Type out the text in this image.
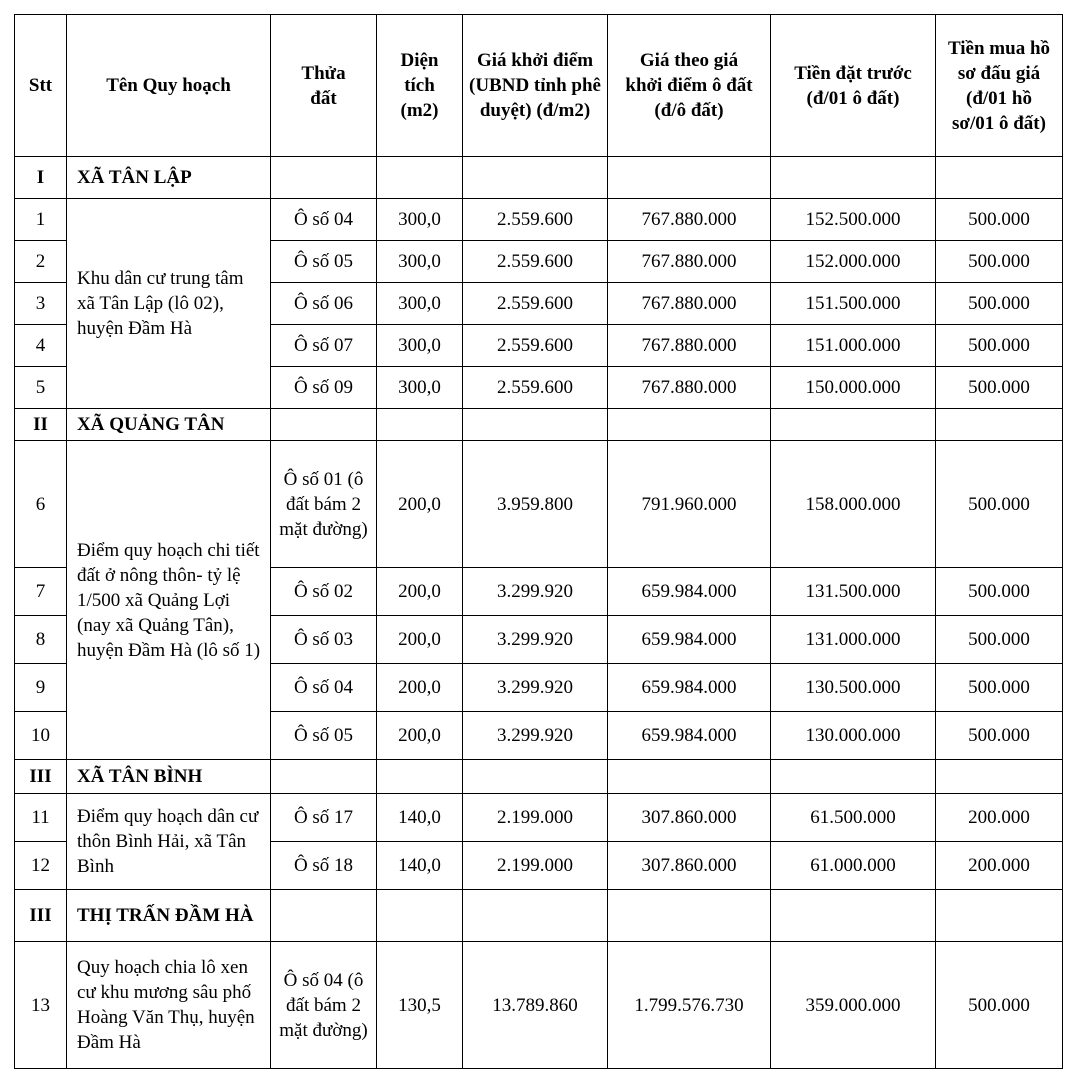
Stt	Tên Quy hoạch	Thửa đất	Diện tích (m2)	Giá khởi điểm (UBND tỉnh phê duyệt) (đ/m2)	Giá theo giá khởi điểm ô đất (đ/ô đất)	Tiền đặt trước (đ/01 ô đất)	Tiền mua hồ sơ đấu giá (đ/01 hồ sơ/01 ô đất)
I	XÃ TÂN LẬP						
1	Khu dân cư trung tâm xã Tân Lập (lô 02), huyện Đầm Hà	Ô số 04	300,0	2.559.600	767.880.000	152.500.000	500.000
2		Ô số 05	300,0	2.559.600	767.880.000	152.000.000	500.000
3		Ô số 06	300,0	2.559.600	767.880.000	151.500.000	500.000
4		Ô số 07	300,0	2.559.600	767.880.000	151.000.000	500.000
5		Ô số 09	300,0	2.559.600	767.880.000	150.000.000	500.000
II	XÃ QUẢNG TÂN						
6	Điểm quy hoạch chi tiết đất ở nông thôn- tỷ lệ 1/500 xã Quảng Lợi (nay xã Quảng Tân), huyện Đầm Hà (lô số 1)	Ô số 01 (ô đất bám 2 mặt đường)	200,0	3.959.800	791.960.000	158.000.000	500.000
7		Ô số 02	200,0	3.299.920	659.984.000	131.500.000	500.000
8		Ô số 03	200,0	3.299.920	659.984.000	131.000.000	500.000
9		Ô số 04	200,0	3.299.920	659.984.000	130.500.000	500.000
10		Ô số 05	200,0	3.299.920	659.984.000	130.000.000	500.000
III	XÃ TÂN BÌNH						
11	Điểm quy hoạch dân cư thôn Bình Hải, xã Tân Bình	Ô số 17	140,0	2.199.000	307.860.000	61.500.000	200.000
12		Ô số 18	140,0	2.199.000	307.860.000	61.000.000	200.000
III	THỊ TRẤN ĐẦM HÀ						
13	Quy hoạch chia lô xen cư khu mương sâu phố Hoàng Văn Thụ, huyện Đầm Hà	Ô số 04 (ô đất bám 2 mặt đường)	130,5	13.789.860	1.799.576.730	359.000.000	500.000
